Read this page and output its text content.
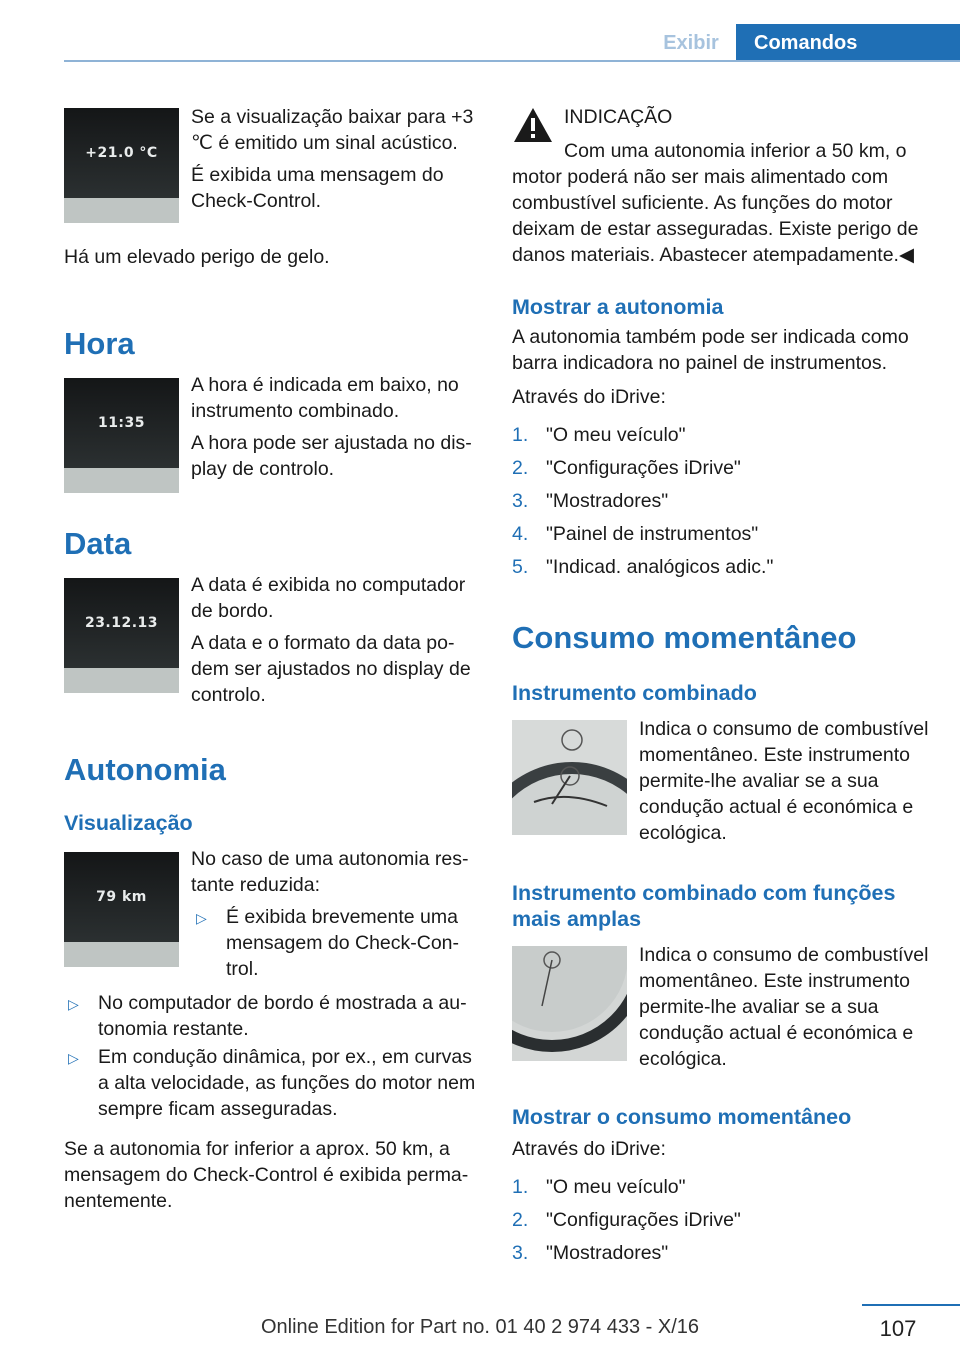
Exibir	Comandos
+21.0 °C

Se a visualização baixar para +3 ℃ é emitido um sinal acústico.

É exibida uma mensagem do Check-Control.

Há um elevado perigo de gelo.
Hora
11:35

A hora é indicada em baixo, no instrumento combinado.

A hora pode ser ajustada no display de controlo.

Data
23.12.13

A data é exibida no computador de bordo.

A data e o formato da data podem ser ajustados no display de controlo.

Autonomia
Visualização
79 km

No caso de uma autonomia restante reduzida:

▷ É exibida brevemente uma mensagem do Check-Control.
▷ No computador de bordo é mostrada a autonomia restante.
▷ Em condução dinâmica, por ex., em curvas a alta velocidade, as funções do motor nem sempre ficam asseguradas.
Se a autonomia for inferior a aprox. 50 km, a mensagem do Check-Control é exibida permanentemente.
INDICAÇÃO
Com uma autonomia inferior a 50 km, o motor poderá não ser mais alimentado com combustível suficiente. As funções do motor deixam de estar asseguradas. Existe perigo de danos materiais. Abastecer atempadamente.◀
Mostrar a autonomia
A autonomia também pode ser indicada como barra indicadora no painel de instrumentos.
Através do iDrive:
1. "O meu veículo"
2. "Configurações iDrive"
3. "Mostradores"
4. "Painel de instrumentos"
5. "Indicad. analógicos adic."
Consumo momentâneo
Instrumento combinado
Indica o consumo de combustível momentâneo. Este instrumento permite-lhe avaliar se a sua condução actual é económica e ecológica.
Instrumento combinado com funções mais amplas
Indica o consumo de combustível momentâneo. Este instrumento permite-lhe avaliar se a sua condução actual é económica e ecológica.
Mostrar o consumo momentâneo
Através do iDrive:
1. "O meu veículo"
2. "Configurações iDrive"
3. "Mostradores"
107
Online Edition for Part no. 01 40 2 974 433 - X/16
